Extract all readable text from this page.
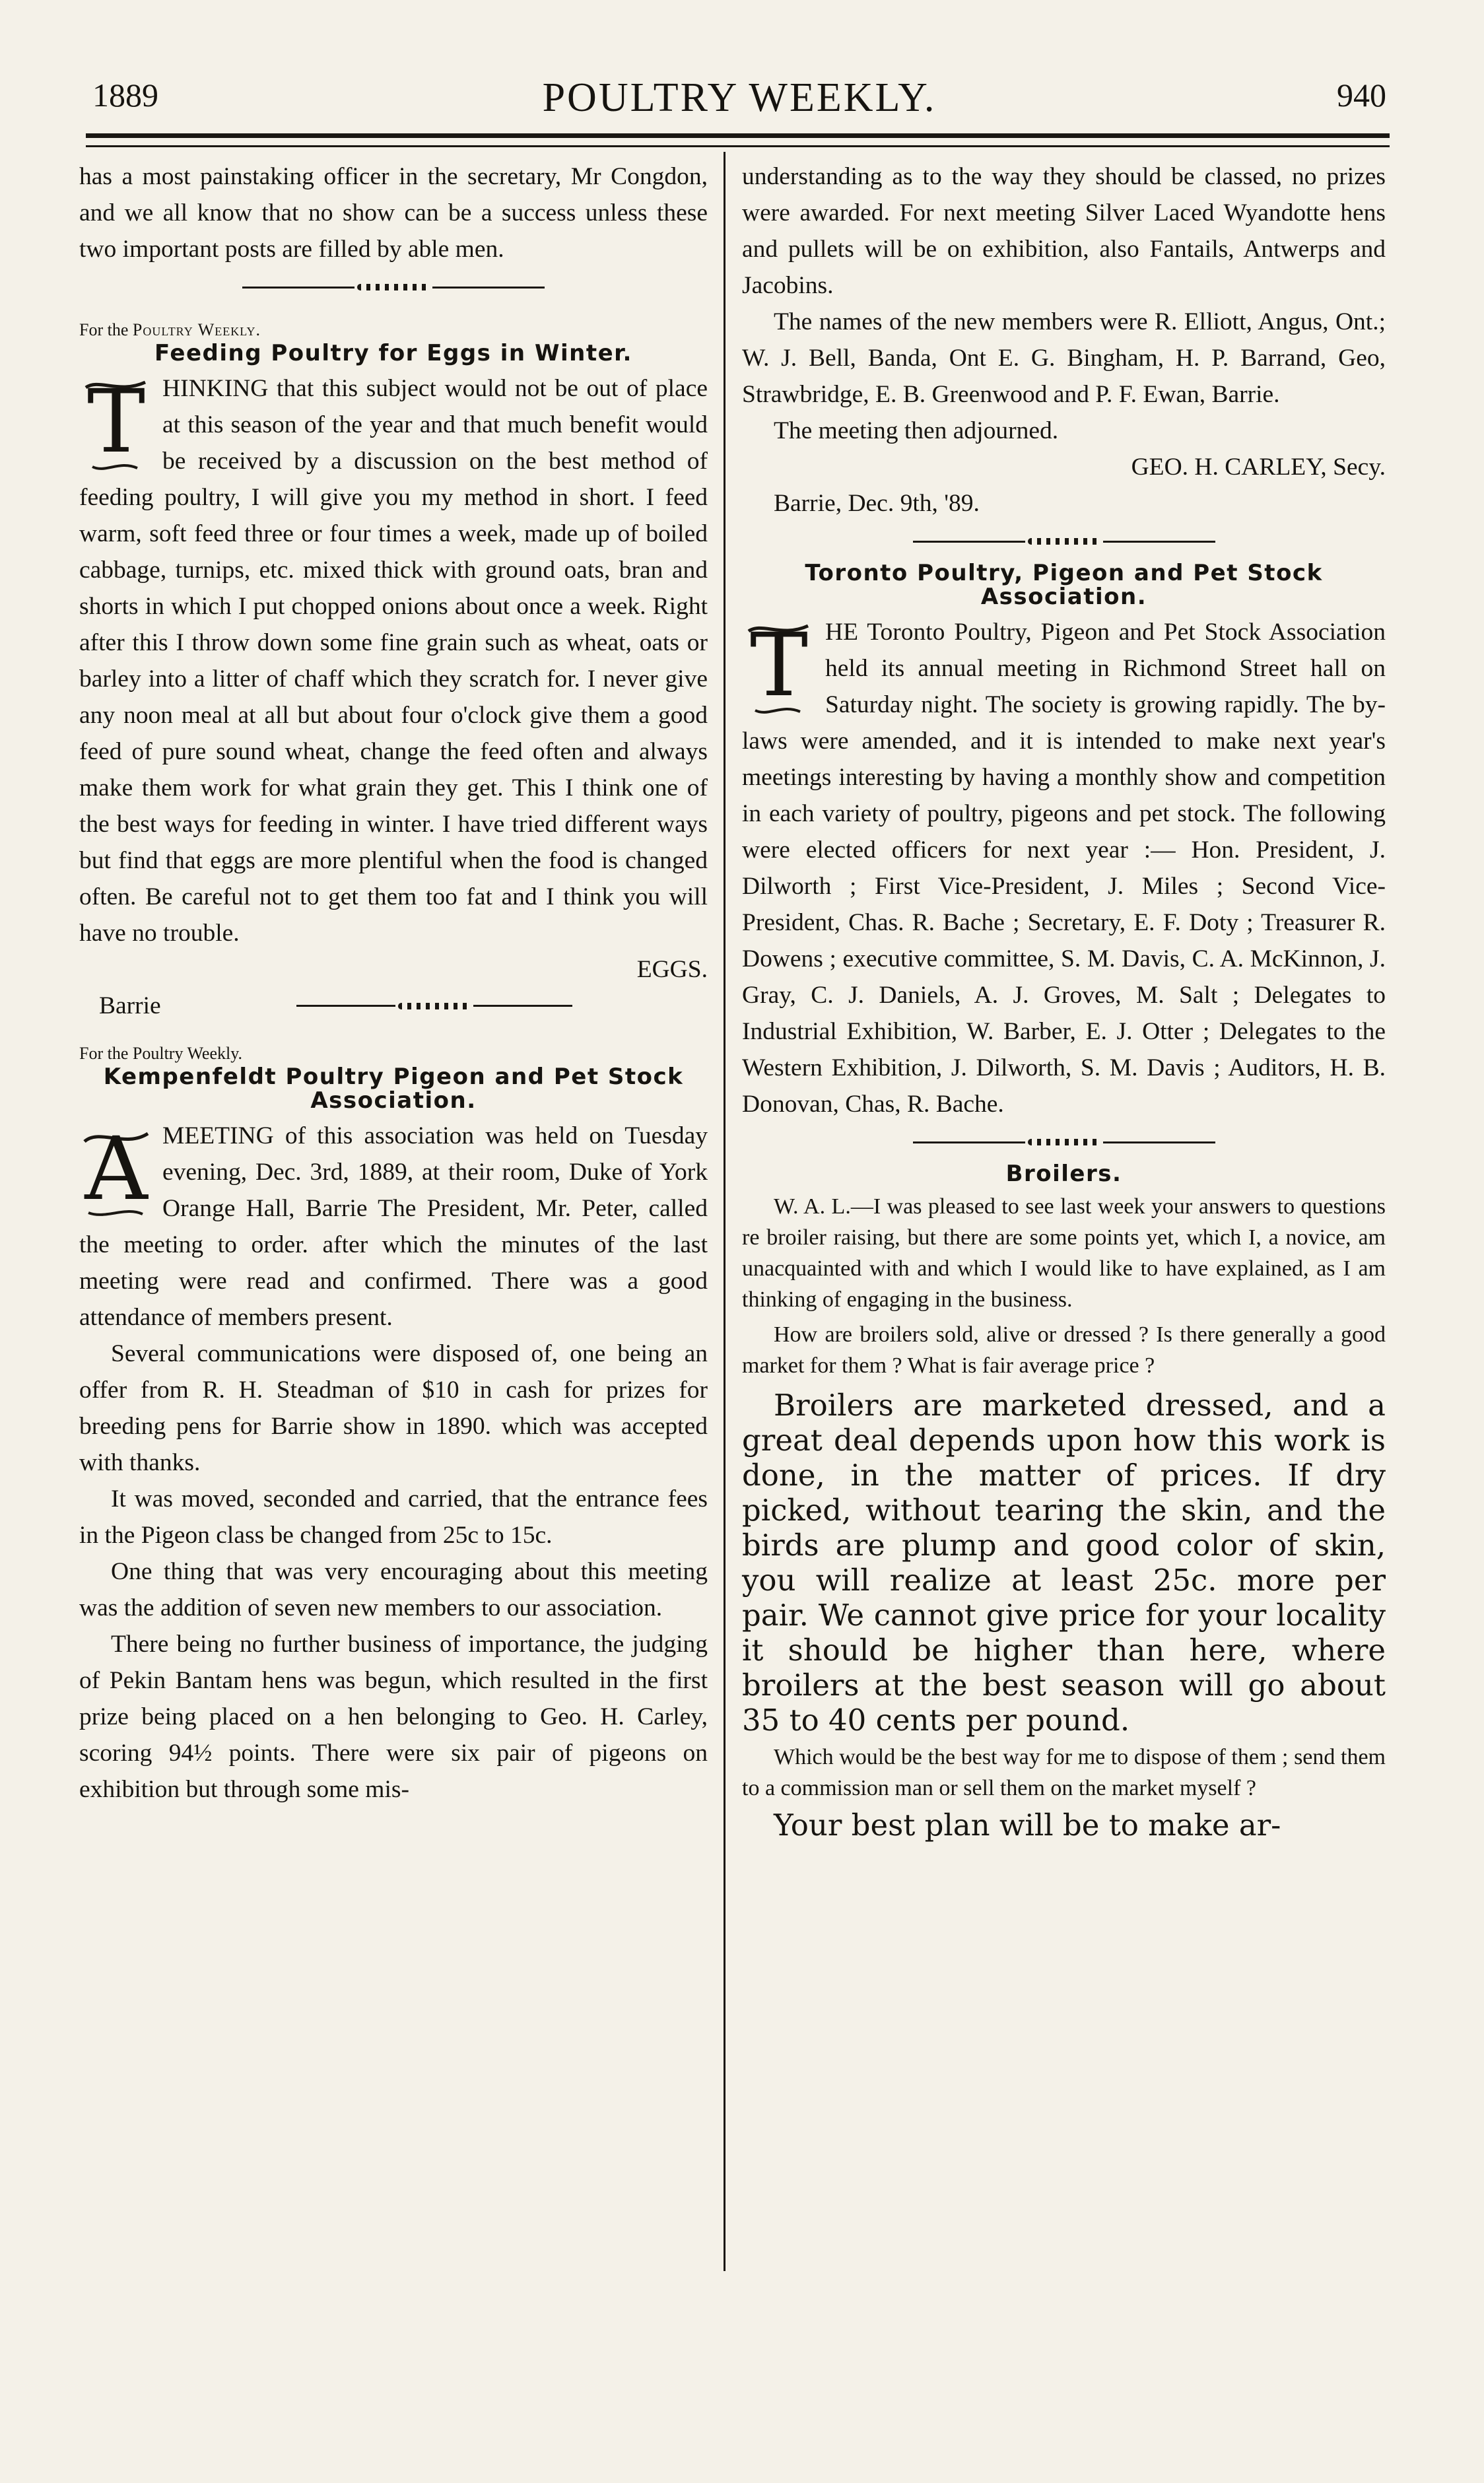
1889	POULTRY WEEKLY.	940

has a most painstaking officer in the secretary, Mr Congdon, and we all know that no show can be a success unless these two important posts are filled by able men.

For the Poultry Weekly.

Feeding Poultry for Eggs in Winter.
T HINKING that this subject would not be out of place at this season of the year and that much benefit would be received by a discussion on the best method of feeding poultry, I will give you my method in short. I feed warm, soft feed three or four times a week, made up of boiled cabbage, turnips, etc. mixed thick with ground oats, bran and shorts in which I put chopped onions about once a week. Right after this I throw down some fine grain such as wheat, oats or barley into a litter of chaff which they scratch for. I never give any noon meal at all but about four o'clock give them a good feed of pure sound wheat, change the feed often and always make them work for what grain they get. This I think one of the best ways for feeding in winter. I have tried different ways but find that eggs are more plentiful when the food is changed often. Be careful not to get them too fat and I think you will have no trouble.

EGGS.

Barrie

For the Poultry Weekly.

Kempenfeldt Poultry Pigeon and Pet Stock Association.
A MEETING of this association was held on Tuesday evening, Dec. 3rd, 1889, at their room, Duke of York Orange Hall, Barrie The President, Mr. Peter, called the meeting to order. after which the minutes of the last meeting were read and confirmed. There was a good attendance of members present.

Several communications were disposed of, one being an offer from R. H. Steadman of $10 in cash for prizes for breeding pens for Barrie show in 1890. which was accepted with thanks.

It was moved, seconded and carried, that the entrance fees in the Pigeon class be changed from 25c to 15c.

One thing that was very encouraging about this meeting was the addition of seven new members to our association.

There being no further business of importance, the judging of Pekin Bantam hens was begun, which resulted in the first prize being placed on a hen belonging to Geo. H. Carley, scoring 94½ points. There were six pair of pigeons on exhibition but through some mis-

understanding as to the way they should be classed, no prizes were awarded. For next meeting Silver Laced Wyandotte hens and pullets will be on exhibition, also Fantails, Antwerps and Jacobins.

The names of the new members were R. Elliott, Angus, Ont.; W. J. Bell, Banda, Ont E. G. Bingham, H. P. Barrand, Geo, Strawbridge, E. B. Greenwood and P. F. Ewan, Barrie.

The meeting then adjourned.

GEO. H. CARLEY, Secy.

Barrie, Dec. 9th, '89.

Toronto Poultry, Pigeon and Pet Stock Association.
T HE Toronto Poultry, Pigeon and Pet Stock Association held its annual meeting in Richmond Street hall on Saturday night. The society is growing rapidly. The by-laws were amended, and it is intended to make next year's meetings interesting by having a monthly show and competition in each variety of poultry, pigeons and pet stock. The following were elected officers for next year :— Hon. President, J. Dilworth ; First Vice-President, J. Miles ; Second Vice-President, Chas. R. Bache ; Secretary, E. F. Doty ; Treasurer R. Dowens ; executive committee, S. M. Davis, C. A. McKinnon, J. Gray, C. J. Daniels, A. J. Groves, M. Salt ; Delegates to Industrial Exhibition, W. Barber, E. J. Otter ; Delegates to the Western Exhibition, J. Dilworth, S. M. Davis ; Auditors, H. B. Donovan, Chas, R. Bache.

Broilers.

W. A. L.—I was pleased to see last week your answers to questions re broiler raising, but there are some points yet, which I, a novice, am unacquainted with and which I would like to have explained, as I am thinking of engaging in the business.

How are broilers sold, alive or dressed ? Is there generally a good market for them ? What is fair average price ?

Broilers are marketed dressed, and a great deal depends upon how this work is done, in the matter of prices. If dry picked, without tearing the skin, and the birds are plump and good color of skin, you will realize at least 25c. more per pair. We cannot give price for your locality it should be higher than here, where broilers at the best season will go about 35 to 40 cents per pound.

Which would be the best way for me to dispose of them ; send them to a commission man or sell them on the market myself ?

Your best plan will be to make ar-
